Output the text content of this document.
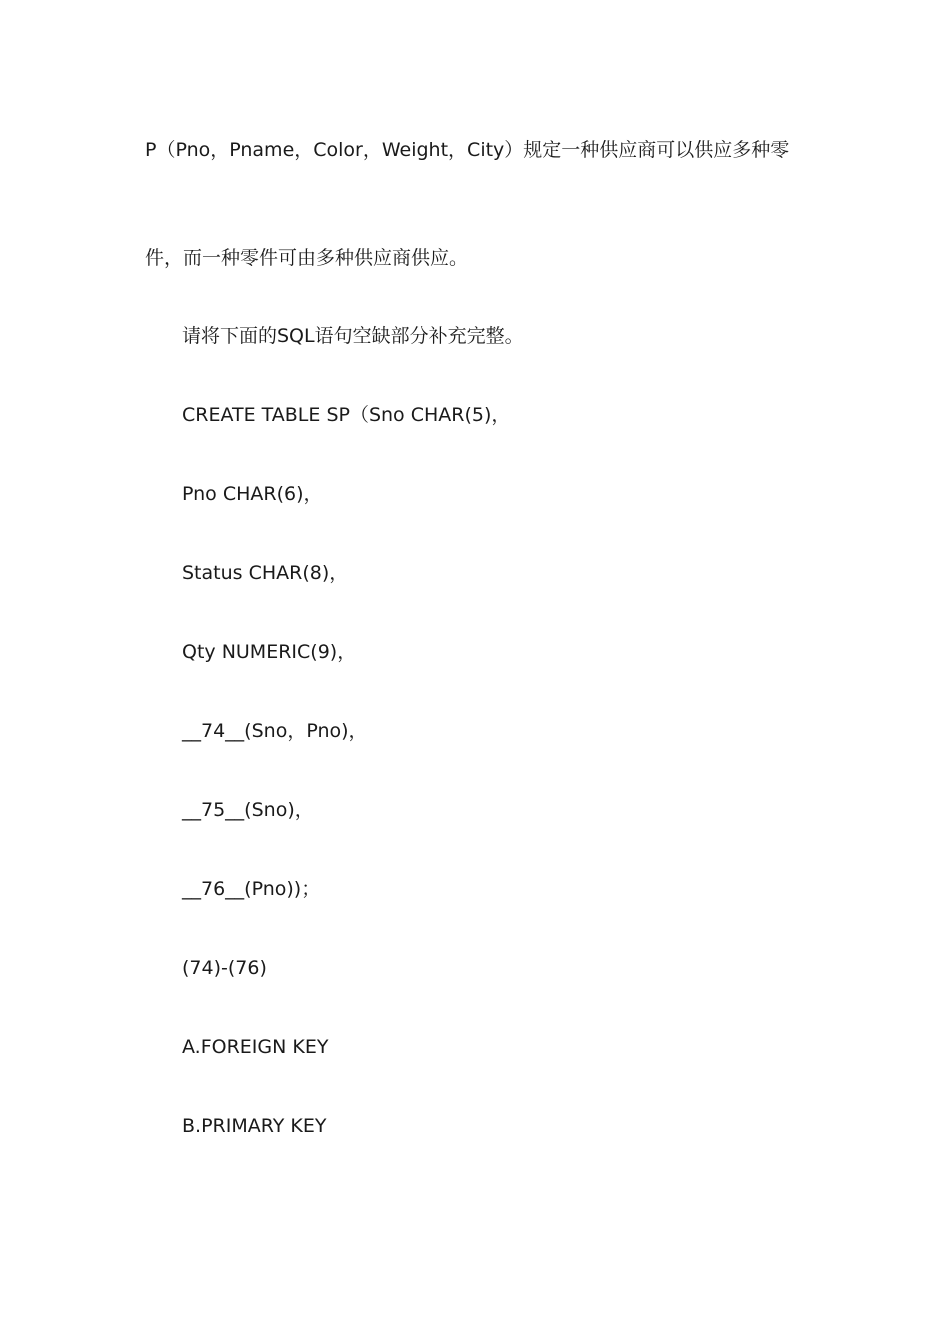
P（Pno，Pname，Color，Weight，City）规定一种供应商可以供应多种零
件，而一种零件可由多种供应商供应。
请将下面的SQL语句空缺部分补充完整。
CREATE TABLE SP（Sno CHAR(5)，
Pno CHAR(6)，
Status CHAR(8)，
Qty NUMERIC(9)，
__74__(Sno，Pno)，
__75__(Sno)，
__76__(Pno))；
(74)-(76)
A.FOREIGN KEY
B.PRIMARY KEY
